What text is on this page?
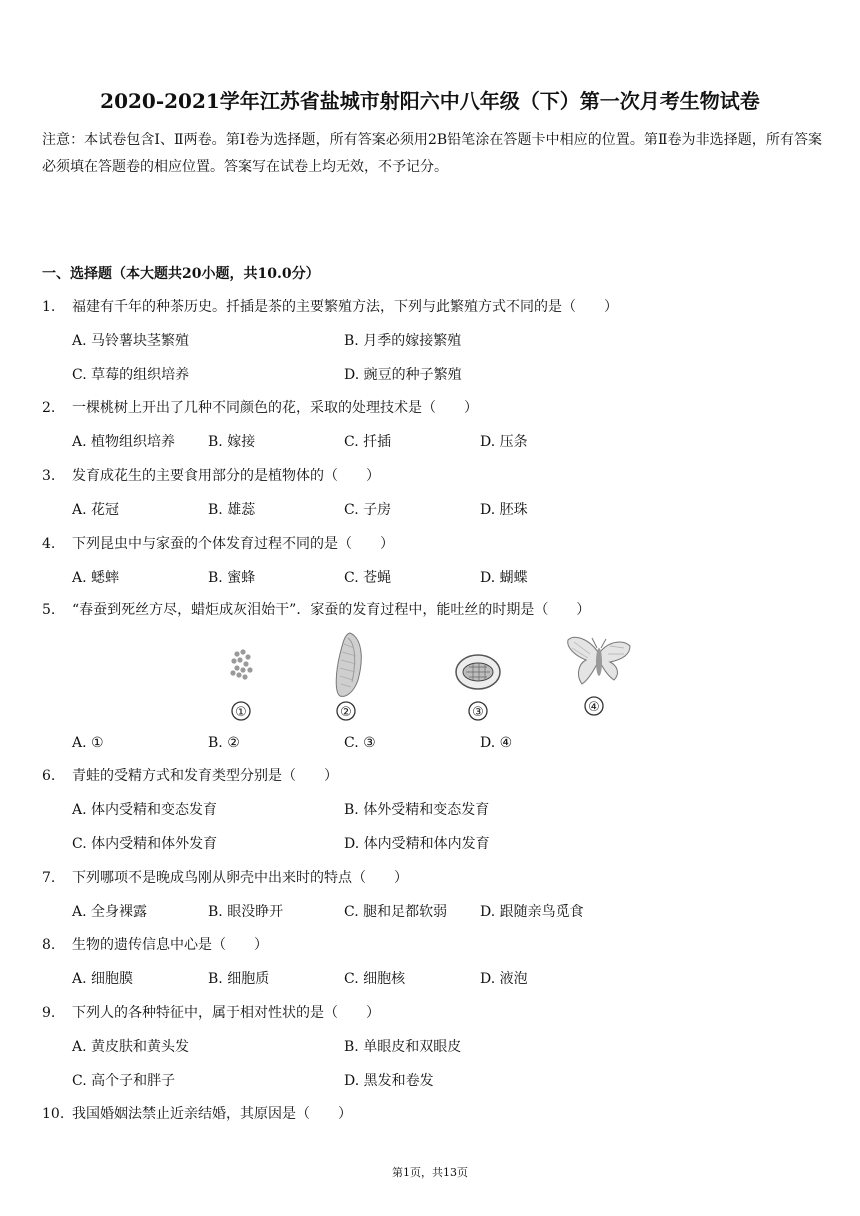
2020-2021学年江苏省盐城市射阳六中八年级（下）第一次月考生物试卷
注意：本试卷包含Ⅰ、Ⅱ两卷。第Ⅰ卷为选择题，所有答案必须用2B铅笔涂在答题卡中相应的位置。第Ⅱ卷为非选择题，所有答案必须填在答题卷的相应位置。答案写在试卷上均无效，不予记分。
一、选择题（本大题共20小题，共10.0分）
1. 福建有千年的种茶历史。扦插是茶的主要繁殖方法，下列与此繁殖方式不同的是（　　）
A. 马铃薯块茎繁殖	B. 月季的嫁接繁殖
C. 草莓的组织培养	D. 豌豆的种子繁殖
2. 一棵桃树上开出了几种不同颜色的花，采取的处理技术是（　　）
A. 植物组织培养 B. 嫁接	C. 扦插	D. 压条
3. 发育成花生的主要食用部分的是植物体的（　　）
A. 花冠	B. 雄蕊	C. 子房	D. 胚珠
4. 下列昆虫中与家蚕的个体发育过程不同的是（　　）
A. 蟋蟀	B. 蜜蜂	C. 苍蝇	D. 蝴蝶
5. “春蚕到死丝方尽，蜡炬成灰泪始干”．家蚕的发育过程中，能吐丝的时期是（　　）
①	②	③	④
A. ①	B. ②	C. ③	D. ④
6. 青蛙的受精方式和发育类型分别是（　　）
A. 体内受精和变态发育	B. 体外受精和变态发育
C. 体内受精和体外发育	D. 体内受精和体内发育
7. 下列哪项不是晚成鸟刚从卵壳中出来时的特点（　　）
A. 全身裸露	B. 眼没睁开	C. 腿和足都软弱 D. 跟随亲鸟觅食
8. 生物的遗传信息中心是（　　）
A. 细胞膜	B. 细胞质	C. 细胞核	D. 液泡
9. 下列人的各种特征中，属于相对性状的是（　　）
A. 黄皮肤和黄头发	B. 单眼皮和双眼皮
C. 高个子和胖子	D. 黑发和卷发
10. 我国婚姻法禁止近亲结婚，其原因是（　　）
第1页，共13页
